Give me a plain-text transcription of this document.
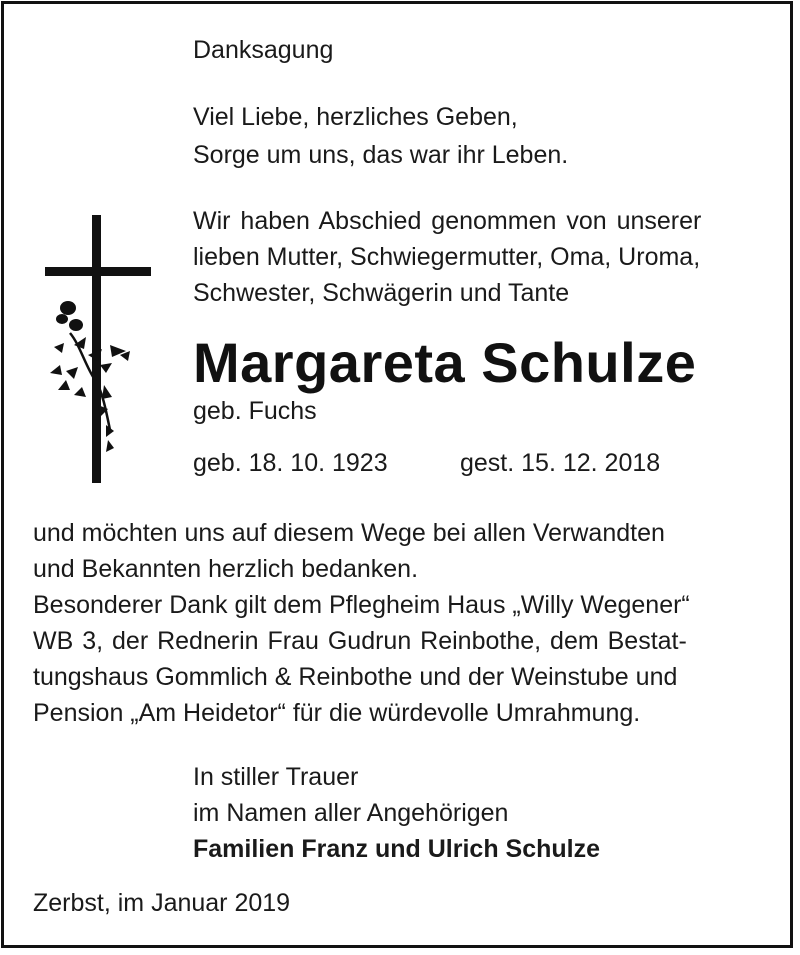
Danksagung
Viel Liebe, herzliches Geben,
Sorge um uns, das war ihr Leben.
Wir haben Abschied genommen von unserer
lieben Mutter, Schwiegermutter, Oma, Uroma,
Schwester, Schwägerin und Tante
Margareta Schulze
geb. Fuchs
geb. 18. 10. 1923	gest. 15. 12. 2018
und möchten uns auf diesem Wege bei allen Verwandten
und Bekannten herzlich bedanken.
Besonderer Dank gilt dem Pflegheim Haus „Willy Wegener“
WB 3, der Rednerin Frau Gudrun Reinbothe, dem Bestat-
tungshaus Gommlich & Reinbothe und der Weinstube und
Pension „Am Heidetor“ für die würdevolle Umrahmung.
In stiller Trauer
im Namen aller Angehörigen
Familien Franz und Ulrich Schulze
Zerbst, im Januar 2019
